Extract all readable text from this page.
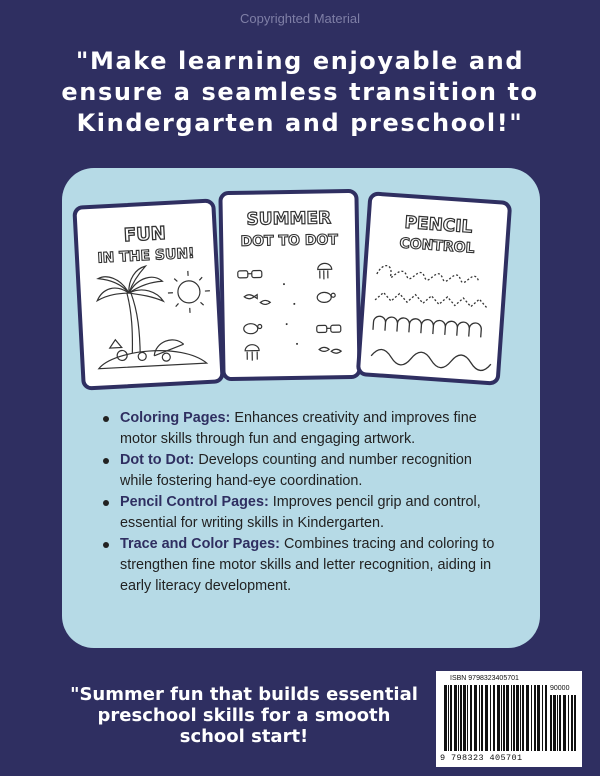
Copyrighted Material
"Make learning enjoyable and ensure a seamless transition to Kindergarten and preschool!"
FUN
IN THE SUN!
SUMMER
DOT TO DOT
PENCIL
CONTROL
Coloring Pages: Enhances creativity and improves fine motor skills through fun and engaging artwork.
Dot to Dot: Develops counting and number recognition while fostering hand-eye coordination.
Pencil Control Pages: Improves pencil grip and control, essential for writing skills in Kindergarten.
Trace and Color Pages: Combines tracing and coloring to strengthen fine motor skills and letter recognition, aiding in early literacy development.
"Summer fun that builds essential preschool skills for a smooth school start!
ISBN 9798323405701
90000
9 798323 405701
